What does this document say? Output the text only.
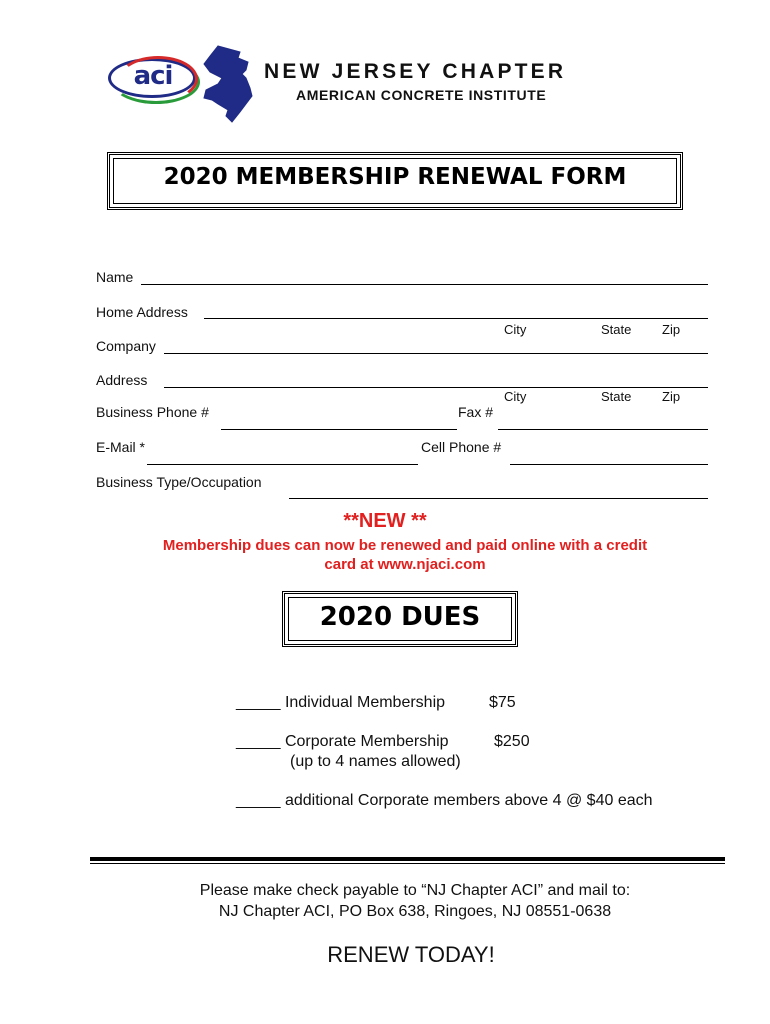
aci	NEW JERSEY CHAPTER
AMERICAN CONCRETE INSTITUTE
2020 MEMBERSHIP RENEWAL FORM
Name
Home Address
City	State Zip
Company
Address
City	State Zip
Business Phone #	Fax #
E-Mail *	Cell Phone #
Business Type/Occupation
**NEW **
Membership dues can now be renewed and paid online with a credit
card at www.njaci.com
2020 DUES
_____ Individual Membership	$75
_____ Corporate Membership	$250
(up to 4 names allowed)
_____ additional Corporate members above 4 @ $40 each
Please make check payable to “NJ Chapter ACI” and mail to:
NJ Chapter ACI, PO Box 638, Ringoes, NJ 08551-0638
RENEW TODAY!
